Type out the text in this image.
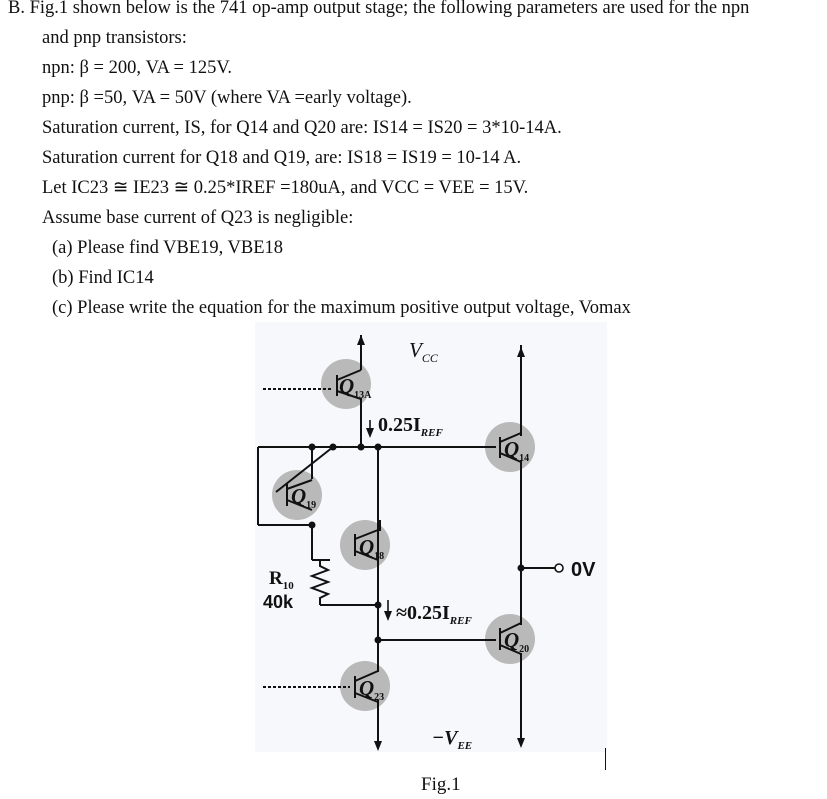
B. Fig.1 shown below is the 741 op-amp output stage; the following parameters are used for the npn
and pnp transistors:
npn: β = 200, VA = 125V.
pnp: β =50, VA = 50V (where VA =early voltage).
Saturation current, IS, for Q14 and Q20 are: IS14 = IS20 = 3*10-14A.
Saturation current for Q18 and Q19, are: IS18 = IS19 = 10-14 A.
Let IC23 ≅ IE23 ≅ 0.25*IREF =180uA, and VCC = VEE = 15V.
Assume base current of Q23 is negligible:
(a) Please find VBE19, VBE18
(b) Find IC14
(c) Please write the equation for the maximum positive output voltage, Vomax
$V_{CC}$
$0.25I_{REF}$
$\approx 0.25I_{REF}$
0V
$R_{10}$
40k
$-V_{EE}$
$Q_{13A}$
$Q_{14}$
$Q_{19}$
$Q_{18}$
$Q_{20}$
$Q_{23}$
Fig.1
